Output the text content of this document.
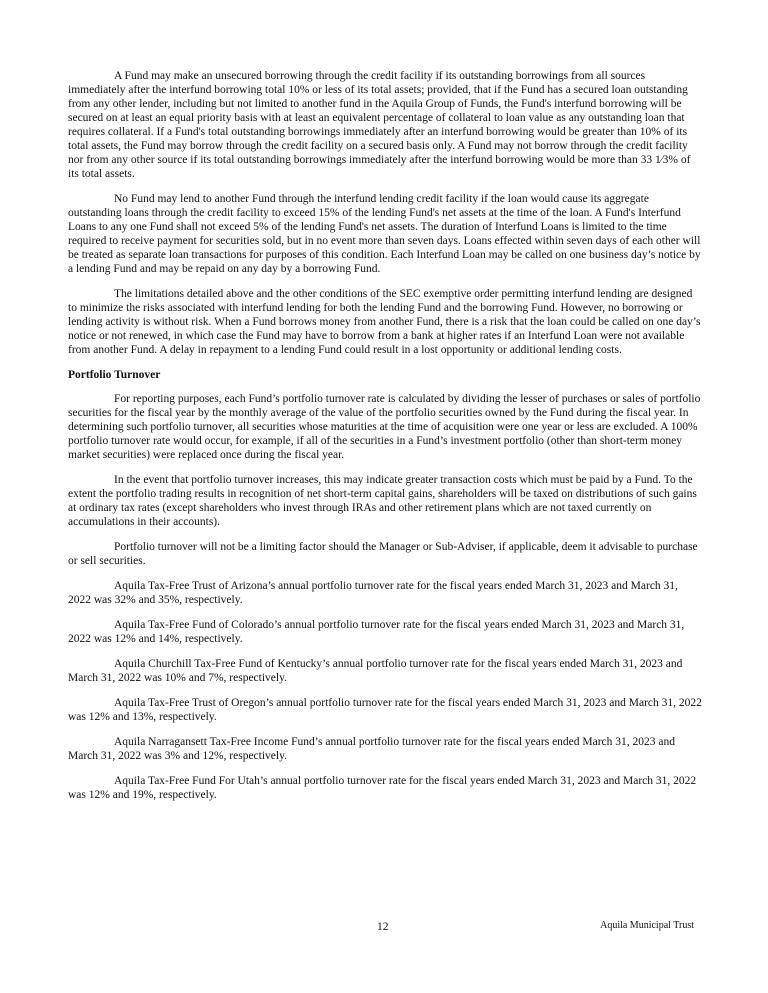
A Fund may make an unsecured borrowing through the credit facility if its outstanding borrowings from all sources immediately after the interfund borrowing total 10% or less of its total assets; provided, that if the Fund has a secured loan outstanding from any other lender, including but not limited to another fund in the Aquila Group of Funds, the Fund's interfund borrowing will be secured on at least an equal priority basis with at least an equivalent percentage of collateral to loan value as any outstanding loan that requires collateral. If a Fund's total outstanding borrowings immediately after an interfund borrowing would be greater than 10% of its total assets, the Fund may borrow through the credit facility on a secured basis only. A Fund may not borrow through the credit facility nor from any other source if its total outstanding borrowings immediately after the interfund borrowing would be more than 33 1⁄3% of its total assets.

No Fund may lend to another Fund through the interfund lending credit facility if the loan would cause its aggregate outstanding loans through the credit facility to exceed 15% of the lending Fund's net assets at the time of the loan. A Fund's Interfund Loans to any one Fund shall not exceed 5% of the lending Fund's net assets. The duration of Interfund Loans is limited to the time required to receive payment for securities sold, but in no event more than seven days. Loans effected within seven days of each other will be treated as separate loan transactions for purposes of this condition. Each Interfund Loan may be called on one business day’s notice by a lending Fund and may be repaid on any day by a borrowing Fund.

The limitations detailed above and the other conditions of the SEC exemptive order permitting interfund lending are designed to minimize the risks associated with interfund lending for both the lending Fund and the borrowing Fund. However, no borrowing or lending activity is without risk. When a Fund borrows money from another Fund, there is a risk that the loan could be called on one day’s notice or not renewed, in which case the Fund may have to borrow from a bank at higher rates if an Interfund Loan were not available from another Fund. A delay in repayment to a lending Fund could result in a lost opportunity or additional lending costs.

Portfolio Turnover

For reporting purposes, each Fund’s portfolio turnover rate is calculated by dividing the lesser of purchases or sales of portfolio securities for the fiscal year by the monthly average of the value of the portfolio securities owned by the Fund during the fiscal year. In determining such portfolio turnover, all securities whose maturities at the time of acquisition were one year or less are excluded. A 100% portfolio turnover rate would occur, for example, if all of the securities in a Fund’s investment portfolio (other than short-term money market securities) were replaced once during the fiscal year.

In the event that portfolio turnover increases, this may indicate greater transaction costs which must be paid by a Fund. To the extent the portfolio trading results in recognition of net short-term capital gains, shareholders will be taxed on distributions of such gains at ordinary tax rates (except shareholders who invest through IRAs and other retirement plans which are not taxed currently on accumulations in their accounts).

Portfolio turnover will not be a limiting factor should the Manager or Sub-Adviser, if applicable, deem it advisable to purchase or sell securities.

Aquila Tax-Free Trust of Arizona’s annual portfolio turnover rate for the fiscal years ended March 31, 2023 and March 31, 2022 was 32% and 35%, respectively.

Aquila Tax-Free Fund of Colorado’s annual portfolio turnover rate for the fiscal years ended March 31, 2023 and March 31, 2022 was 12% and 14%, respectively.

Aquila Churchill Tax-Free Fund of Kentucky’s annual portfolio turnover rate for the fiscal years ended March 31, 2023 and March 31, 2022 was 10% and 7%, respectively.

Aquila Tax-Free Trust of Oregon’s annual portfolio turnover rate for the fiscal years ended March 31, 2023 and March 31, 2022 was 12% and 13%, respectively.

Aquila Narragansett Tax-Free Income Fund’s annual portfolio turnover rate for the fiscal years ended March 31, 2023 and March 31, 2022 was 3% and 12%, respectively.

Aquila Tax-Free Fund For Utah’s annual portfolio turnover rate for the fiscal years ended March 31, 2023 and March 31, 2022 was 12% and 19%, respectively.

12	Aquila Municipal Trust
